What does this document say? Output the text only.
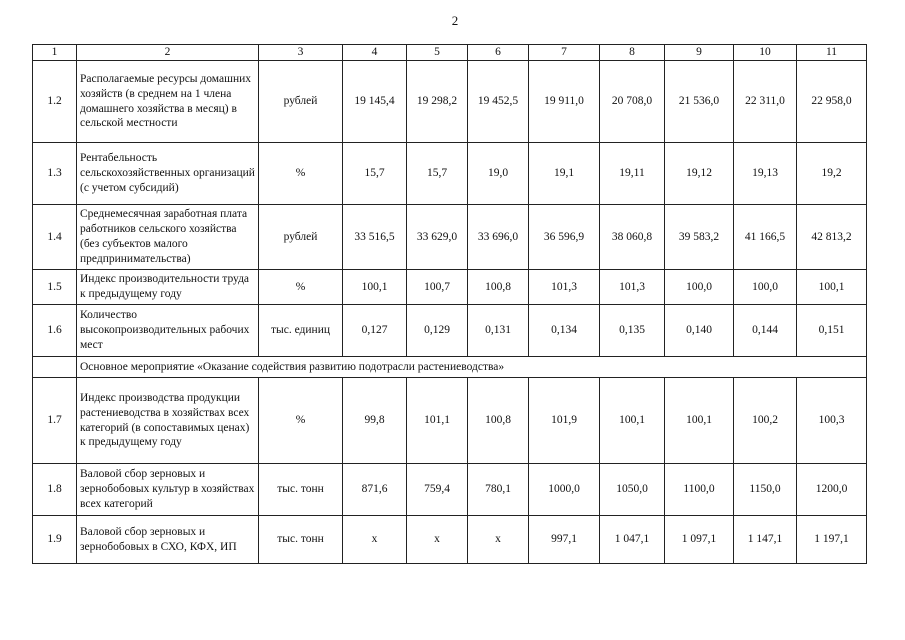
2
1	2	3	4	5	6	7	8	9	10	11
1.2	Располагаемые ресурсы домашних хозяйств (в среднем на 1 члена домашнего хозяйства в месяц) в сельской местности	рублей	19 145,4	19 298,2	19 452,5	19 911,0	20 708,0	21 536,0	22 311,0	22 958,0
1.3	Рентабельность сельскохозяйственных организаций (с учетом субсидий)	%	15,7	15,7	19,0	19,1	19,11	19,12	19,13	19,2
1.4	Среднемесячная заработная плата работников сельского хозяйства (без субъектов малого предпринимательства)	рублей	33 516,5	33 629,0	33 696,0	36 596,9	38 060,8	39 583,2	41 166,5	42 813,2
1.5	Индекс производительности труда к предыдущему году	%	100,1	100,7	100,8	101,3	101,3	100,0	100,0	100,1
1.6	Количество высокопроизводительных рабочих мест	тыс. единиц	0,127	0,129	0,131	0,134	0,135	0,140	0,144	0,151
	Основное мероприятие «Оказание содействия развитию подотрасли растениеводства»									
1.7	Индекс производства продукции растениеводства в хозяйствах всех категорий (в сопоставимых ценах) к предыдущему году	%	99,8	101,1	100,8	101,9	100,1	100,1	100,2	100,3
1.8	Валовой сбор зерновых и зернобобовых культур в хозяйствах всех категорий	тыс. тонн	871,6	759,4	780,1	1000,0	1050,0	1100,0	1150,0	1200,0
1.9	Валовой сбор зерновых и зернобобовых в СХО, КФХ, ИП	тыс. тонн	x	x	x	997,1	1 047,1	1 097,1	1 147,1	1 197,1
